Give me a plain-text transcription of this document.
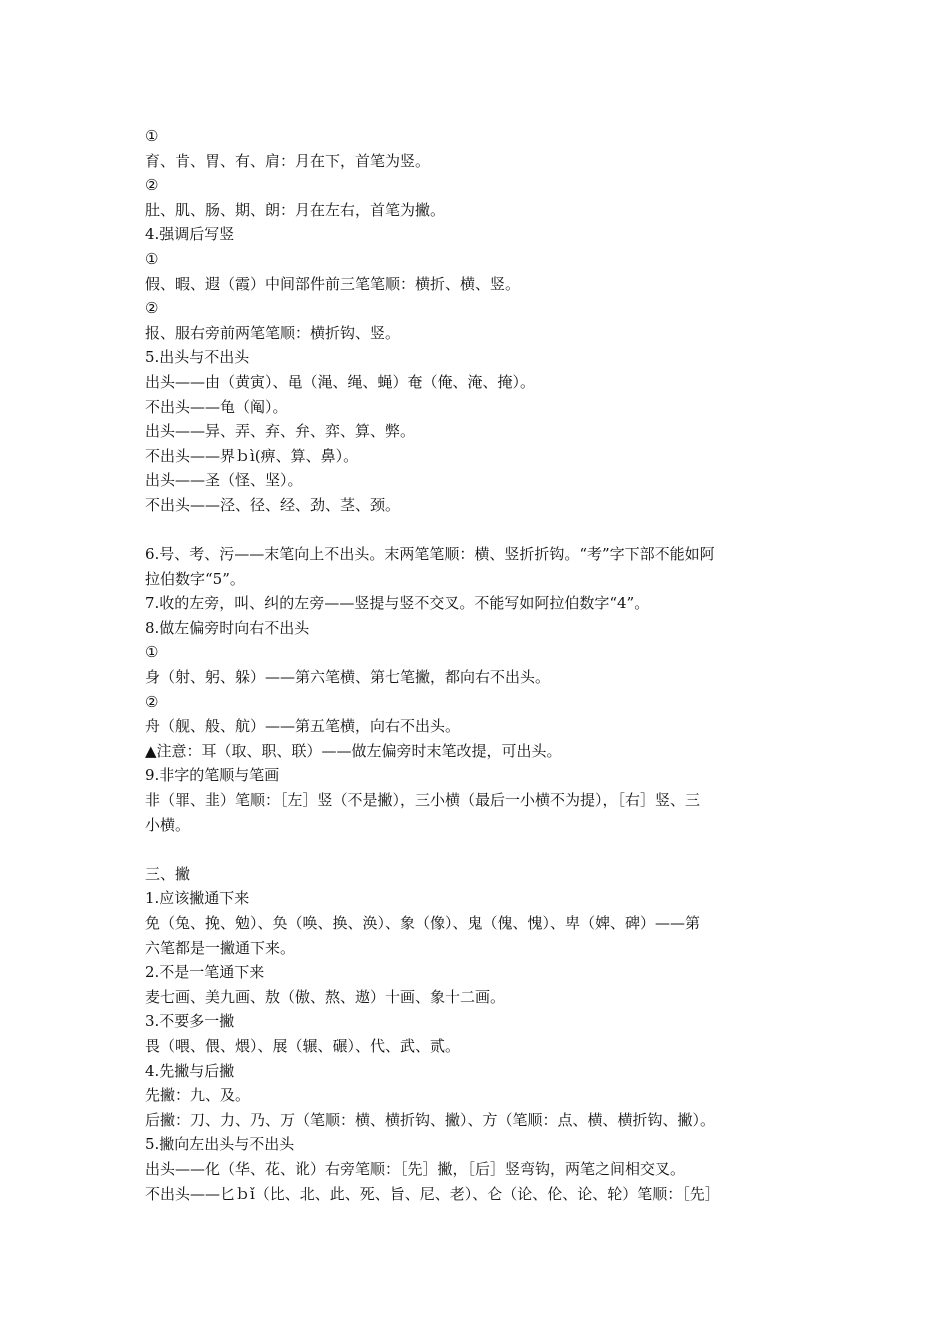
①
育、肯、胃、有、肩：月在下，首笔为竖。
②
肚、肌、肠、期、朗：月在左右，首笔为撇。
4.强调后写竖
①
假、暇、遐（霞）中间部件前三笔笔顺：横折、横、竖。
②
报、服右旁前两笔笔顺：横折钩、竖。
5.出头与不出头
出头——由（黄寅）、黾（渑、绳、蝇）奄（俺、淹、掩）。
不出头——龟（阄）。
出头——异、弄、弃、弁、弈、算、弊。
不出头——界ｂì(痹、算、鼻）。
出头——圣（怪、坚）。
不出头——泾、径、经、劲、茎、颈。
6.号、考、污——末笔向上不出头。末两笔笔顺：横、竖折折钩。“考”字下部不能如阿
拉伯数字“5”。
7.收的左旁，叫、纠的左旁——竖提与竖不交叉。不能写如阿拉伯数字“4”。
8.做左偏旁时向右不出头
①
身（射、躬、躲）——第六笔横、第七笔撇，都向右不出头。
②
舟（舰、般、航）——第五笔横，向右不出头。
▲注意：耳（取、职、联）——做左偏旁时末笔改提，可出头。
9.非字的笔顺与笔画
非（罪、韭）笔顺：［左］竖（不是撇），三小横（最后一小横不为提），［右］竖、三
小横。
三、撇
1.应该撇通下来
免（兔、挽、勉）、奂（唤、换、涣）、象（像）、鬼（傀、愧）、卑（婢、碑）——第
六笔都是一撇通下来。
2.不是一笔通下来
麦七画、美九画、敖（傲、熬、遨）十画、象十二画。
3.不要多一撇
畏（喂、偎、煨）、展（辗、碾）、代、武、贰。
4.先撇与后撇
先撇：九、及。
后撇：刀、力、乃、万（笔顺：横、横折钩、撇）、方（笔顺：点、横、横折钩、撇）。
5.撇向左出头与不出头
出头——化（华、花、讹）右旁笔顺：［先］撇，［后］竖弯钩，两笔之间相交叉。
不出头——匕ｂǐ（比、北、此、死、旨、尼、老）、仑（论、伦、论、轮）笔顺：［先］
